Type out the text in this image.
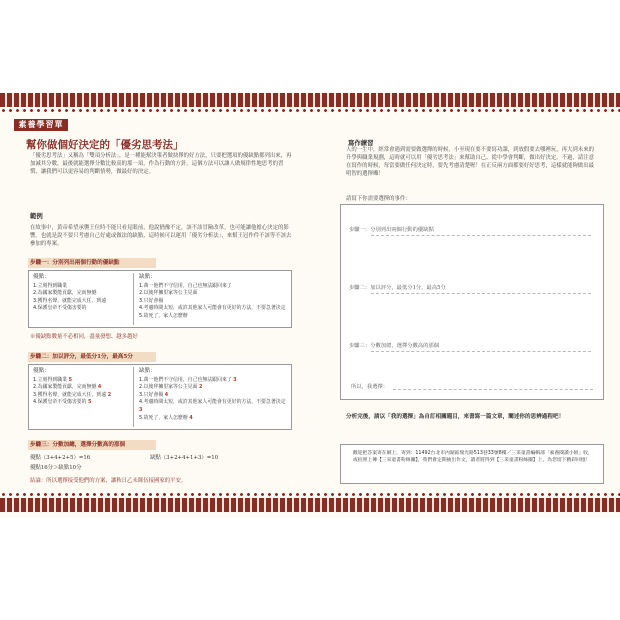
素養學習單
幫你做個好決定的「優劣思考法」
「優劣思考法」又稱為「雙項分析法」，是一種能幫決策者做抉擇的好方法，只要把選項的優缺點都列出來，再加減其分數，最後就能選擇分數比較高的那一項，作為行動的方針。這個方法可以讓人做規律性地思考的習慣，讓我們可以更容易的判斷情勢，做最好的決定。
範例
在故事中，黃帝希望承襲王位時不能只看見眼前，他說猶豫不定，該不該冒險改革，也可能讓他擔心決定的影響。也就是說不要只考慮自己好處或做法的缺點，這時候可以運用「優劣分析法」，來幫王冠作件不該等不該去參加的專案。
步驟一：分別列出兩個行動的優缺點
優點：
1.立刻得到職業
2.為國家製能貢獻，完而無憾
3.獲得名聲，就能完成大任，到遠
4.保護皇帝不受傷害要的
缺點：
1.萬一他們不守信用，自己也無法跟回來了
2.以後拜擁里家等公主見面
3.只好會禍
4.考慮時間太短，或許其他家人可能會有更好的方法，不要急著決定
5.故死了，家人怎麼辦
※優缺點數量不必相同，盡量發想、越多越好
步驟二：加以評分，最低分1分，最高5分
優點：
1.立刻得到職業 5
2.為國家製能貢獻，完而無憾 4
3.獲得名聲，就能完成大任，到遠 2
4.保護皇帝不受傷害要的 5
缺點：
1.萬一他們不守信用，自己也無法跟回來了 3
2.以後拜擁里家等公主見面 2
3.只好會禍 4
4.考慮時間太短，或許其他家人可能會有更好的方法，不要急著決定 3
5.故死了，家人怎麼辦 4
步驟三：分數加總，選擇分數高的那個
優點（3+4+2+5）=16	缺點（3+2+4+1+3）=10
優點16分＞缺點10分
結論：所以選擇接受他們的方案，讓秋日乙未隊伍接國家的平安。
寫作練習
人的一生中，經常會遇到需要做選擇的時候，小至現在要不要寫功課，到放假要去哪裡玩，再大到未來的升學與職業規劃，這時就可以用「優劣思考法」來幫助自己，從中學會判斷，做出好決定。不過，請注意在寫作的時候，每當要做任何決定時，要先考慮清楚喔！在正反兩方面都要好好思考，這樣就能夠做出最明智的選擇囉！
請寫下你需要選擇的事件：
步驟一：分別列出兩個行動的優缺點
步驟二：加以評分，最低分1分，最高5分
步驟三：分數加總，選擇分數高的那個
所以，我選擇：
分析完後，請以「我的選擇」為自訂相關題目，來書寫一篇文章，闡述你的思辨過程吧！
歡迎把答案寄在網上，寄到：11492台北市內湖區瑞光路513巷33號8樓／三采童書編輯部「素養閱讀小組」收，或拍照上傳【三采童書粉絲團】，我們會定期抽出作文，讀者將得到【三采童書粉絲團】上，為您留下精彩回憶！
